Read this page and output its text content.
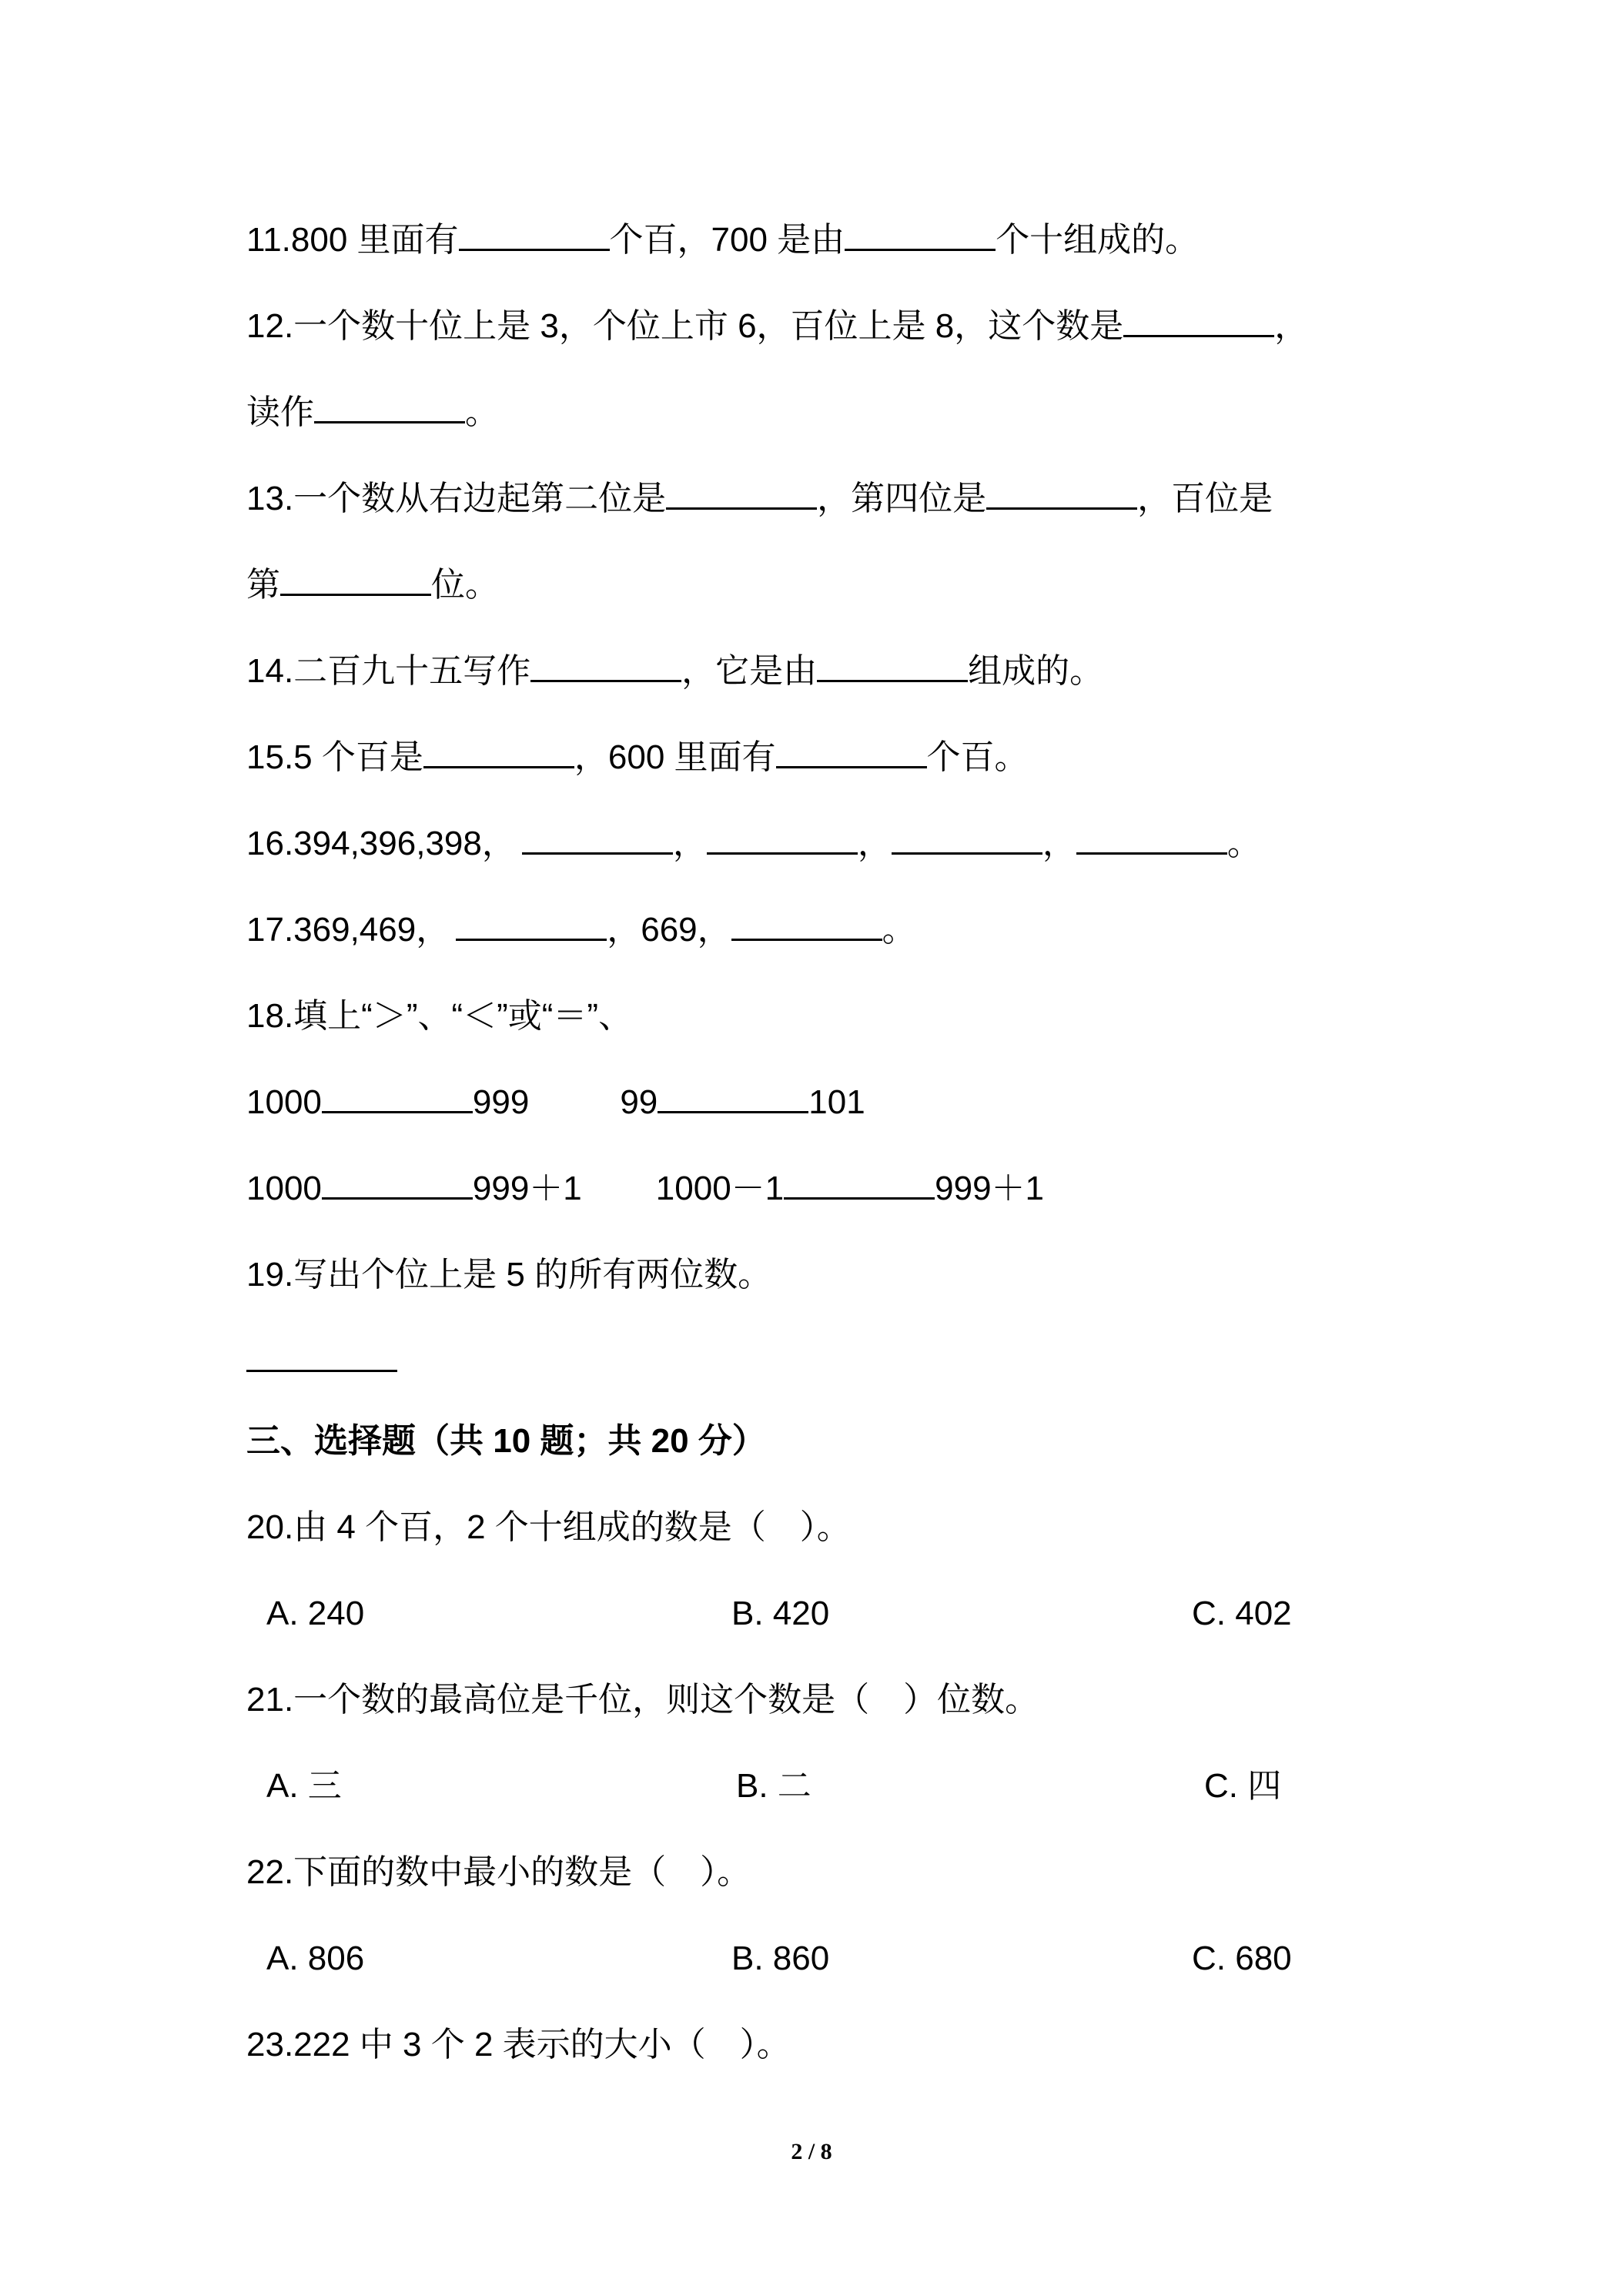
11.800 里面有	个百，700 是由	个十组成的。
12.一个数十位上是 3，个位上市 6，百位上是 8，这个数是	，
读作	。
13.一个数从右边起第二位是	，第四位是	，百位是
第	位。
14.二百九十五写作	，它是由	组成的。
15.5 个百是	，600 里面有	个百。
16.394,396,398，	，	，	，	。
17.369,469，	，669，	。
18.填上“＞”、“＜”或“＝”、
1000	999	99	101
1000	999＋1 1000－1	999＋1
19.写出个位上是 5 的所有两位数。
三、选择题（共 10 题；共 20 分）
20.由 4 个百，2 个十组成的数是（　）。
A. 240	B. 420	C. 402
21.一个数的最高位是千位，则这个数是（　）位数。
A. 三	B. 二	C. 四
22.下面的数中最小的数是（　）。
A. 806	B. 860	C. 680
23.222 中 3 个 2 表示的大小（　）。
2 / 8
